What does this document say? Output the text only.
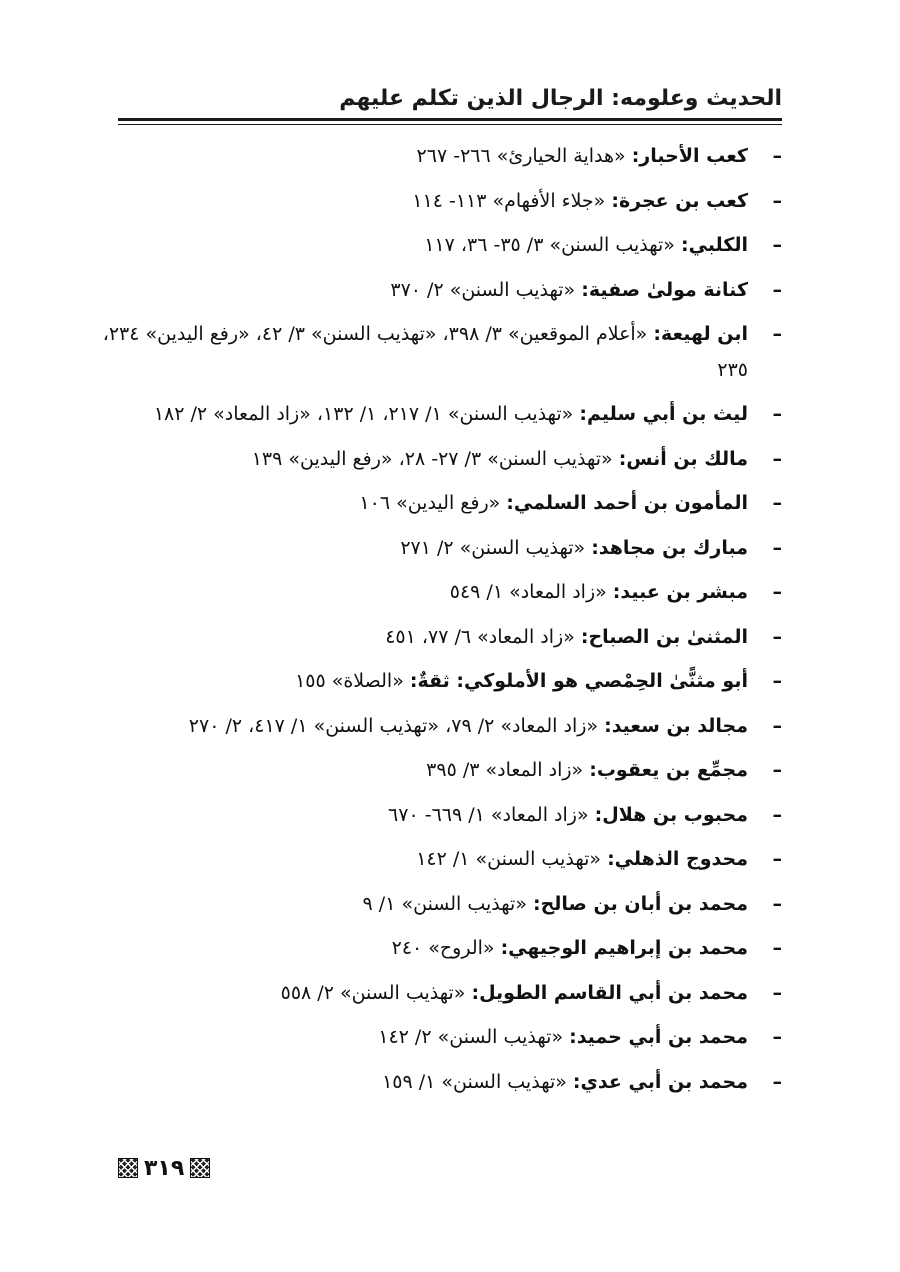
الحديث وعلومه: الرجال الذين تكلم عليهم
–
كعب الأحبار: «هداية الحيارئ» ٢٦٦- ٢٦٧
–
كعب بن عجرة: «جلاء الأفهام» ١١٣- ١١٤
–
الكلبي: «تهذيب السنن» ٣/ ٣٥- ٣٦، ١١٧
–
كنانة مولىٰ صفية: «تهذيب السنن» ٢/ ٣٧٠
–
ابن لهيعة: «أعلام الموقعين» ٣/ ٣٩٨، «تهذيب السنن» ٣/ ٤٢، «رفع اليدين» ٢٣٤، ٢٣٥
–
ليث بن أبي سليم: «تهذيب السنن» ١/ ٢١٧، ١/ ١٣٢، «زاد المعاد» ٢/ ١٨٢
–
مالك بن أنس: «تهذيب السنن» ٣/ ٢٧- ٢٨، «رفع اليدين» ١٣٩
–
المأمون بن أحمد السلمي: «رفع اليدين» ١٠٦
–
مبارك بن مجاهد: «تهذيب السنن» ٢/ ٢٧١
–
مبشر بن عبيد: «زاد المعاد» ١/ ٥٤٩
–
المثنىٰ بن الصباح: «زاد المعاد» ٦/ ٧٧، ٤٥١
–
أبو مثنًّىٰ الحِمْصي هو الأملوكي: ثقةٌ: «الصلاة» ١٥٥
–
مجالد بن سعيد: «زاد المعاد» ٢/ ٧٩، «تهذيب السنن» ١/ ٤١٧، ٢/ ٢٧٠
–
مجمِّع بن يعقوب: «زاد المعاد» ٣/ ٣٩٥
–
محبوب بن هلال: «زاد المعاد» ١/ ٦٦٩- ٦٧٠
–
محدوج الذهلي: «تهذيب السنن» ١/ ١٤٢
–
محمد بن أبان بن صالح: «تهذيب السنن» ١/ ٩
–
محمد بن إبراهيم الوجيهي: «الروح» ٢٤٠
–
محمد بن أبي القاسم الطويل: «تهذيب السنن» ٢/ ٥٥٨
–
محمد بن أبي حميد: «تهذيب السنن» ٢/ ١٤٢
–
محمد بن أبي عدي: «تهذيب السنن» ١/ ١٥٩
٣١٩
